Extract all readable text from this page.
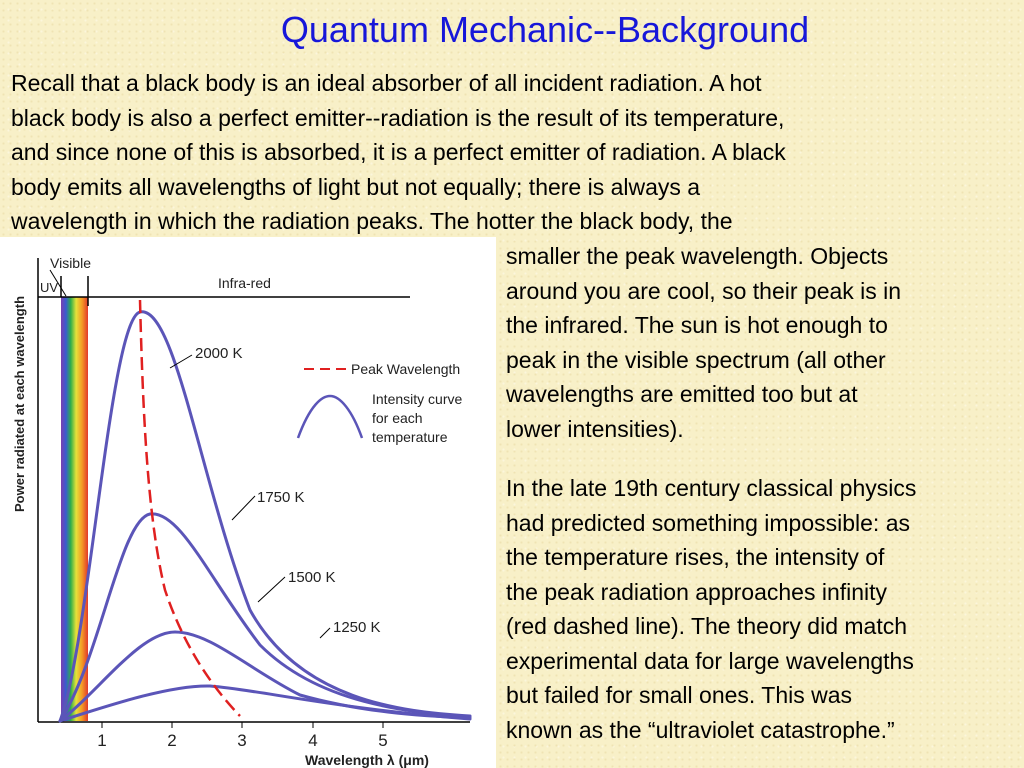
Quantum Mechanic--Background

Recall that a black body is an ideal absorber of all incident radiation. A hot
black body is also a perfect emitter--radiation is the result of its temperature,
and since none of this is absorbed, it is a perfect emitter of radiation. A black
body emits all wavelengths of light but not equally; there is always a
wavelength in which the radiation peaks. The hotter the black body, the

smaller the peak wavelength. Objects
around you are cool, so their peak is in
the infrared. The sun is hot enough to
peak in the visible spectrum (all other
wavelengths are emitted too but at
lower intensities).

In the late 19th century classical physics
had predicted something impossible: as
the temperature rises, the intensity of
the peak radiation approaches infinity
(red dashed line). The theory did match
experimental data for large wavelengths
but failed for small ones. This was
known as the “ultraviolet catastrophe.”

Visible
UV	Infra-red
Power radiated at each wavelength
1	2	3	4	5
Wavelength λ (μm)
2000 K
1750 K
1500 K
1250 K
Peak Wavelength
Intensity curve
for each
temperature
